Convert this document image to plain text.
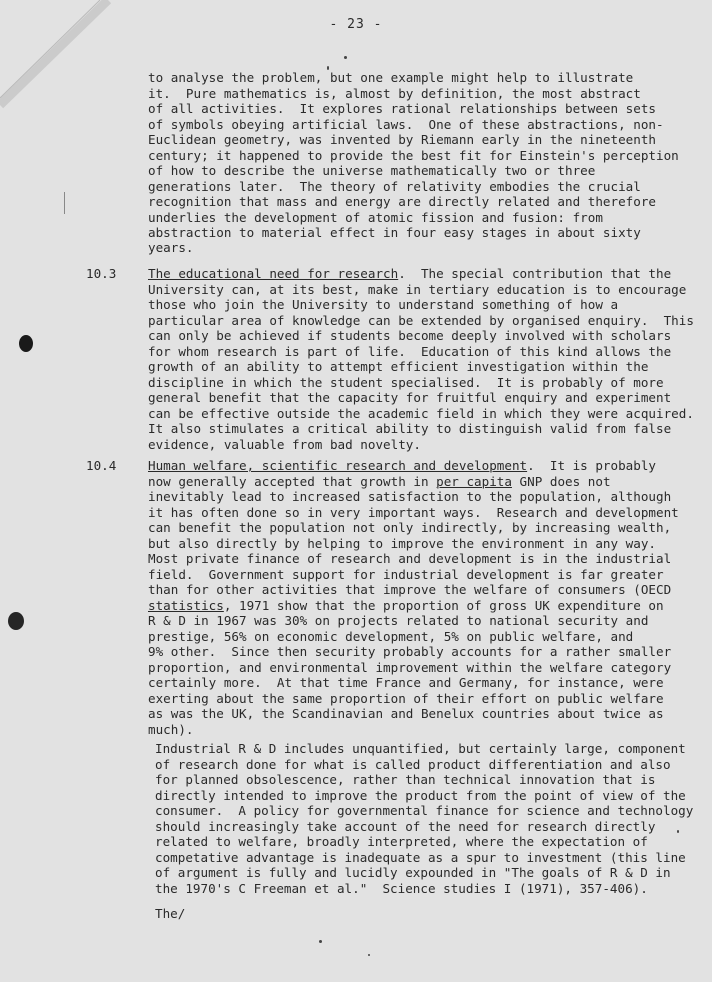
- 23 -
to analyse the problem, but one example might help to illustrate
it.  Pure mathematics is, almost by definition, the most abstract
of all activities.  It explores rational relationships between sets
of symbols obeying artificial laws.  One of these abstractions, non-
Euclidean geometry, was invented by Riemann early in the nineteenth
century; it happened to provide the best fit for Einstein's perception
of how to describe the universe mathematically two or three
generations later.  The theory of relativity embodies the crucial
recognition that mass and energy are directly related and therefore
underlies the development of atomic fission and fusion: from
abstraction to material effect in four easy stages in about sixty
years.
10.3	The educational need for research.  The special contribution that the
University can, at its best, make in tertiary education is to encourage
those who join the University to understand something of how a
particular area of knowledge can be extended by organised enquiry.  This
can only be achieved if students become deeply involved with scholars
for whom research is part of life.  Education of this kind allows the
growth of an ability to attempt efficient investigation within the
discipline in which the student specialised.  It is probably of more
general benefit that the capacity for fruitful enquiry and experiment
can be effective outside the academic field in which they were acquired.
It also stimulates a critical ability to distinguish valid from false
evidence, valuable from bad novelty.
10.4	Human welfare, scientific research and development.  It is probably
now generally accepted that growth in per capita GNP does not
inevitably lead to increased satisfaction to the population, although
it has often done so in very important ways.  Research and development
can benefit the population not only indirectly, by increasing wealth,
but also directly by helping to improve the environment in any way.
Most private finance of research and development is in the industrial
field.  Government support for industrial development is far greater
than for other activities that improve the welfare of consumers (OECD
statistics, 1971 show that the proportion of gross UK expenditure on
R & D in 1967 was 30% on projects related to national security and
prestige, 56% on economic development, 5% on public welfare, and
9% other.  Since then security probably accounts for a rather smaller
proportion, and environmental improvement within the welfare category
certainly more.  At that time France and Germany, for instance, were
exerting about the same proportion of their effort on public welfare
as was the UK, the Scandinavian and Benelux countries about twice as
much).
Industrial R & D includes unquantified, but certainly large, component
of research done for what is called product differentiation and also
for planned obsolescence, rather than technical innovation that is
directly intended to improve the product from the point of view of the
consumer.  A policy for governmental finance for science and technology
should increasingly take account of the need for research directly
related to welfare, broadly interpreted, where the expectation of
competative advantage is inadequate as a spur to investment (this line
of argument is fully and lucidly expounded in "The goals of R & D in
the 1970's C Freeman et al."  Science studies I (1971), 357-406).
The/
